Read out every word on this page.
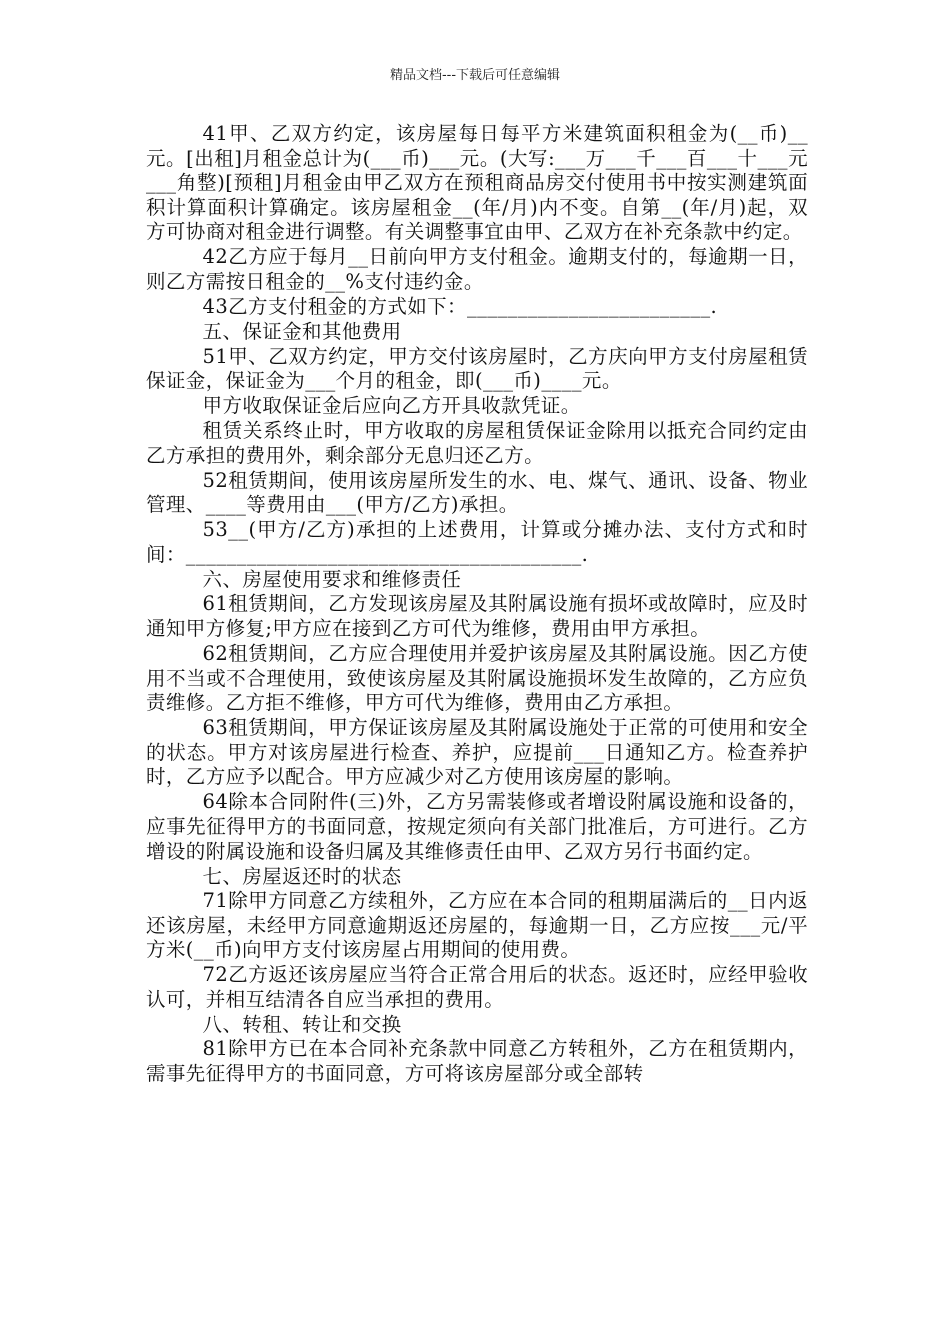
精品文档---下载后可任意编辑

41甲、乙双方约定，该房屋每日每平方米建筑面积租金为(__币)__元。[出租]月租金总计为(___币)___元。(大写:___万___千___百___十___元___角整)[预租]月租金由甲乙双方在预租商品房交付使用书中按实测建筑面积计算面积计算确定。该房屋租金__(年/月)内不变。自第__(年/月)起，双方可协商对租金进行调整。有关调整事宜由甲、乙双方在补充条款中约定。

42乙方应于每月__日前向甲方支付租金。逾期支付的，每逾期一日，则乙方需按日租金的__%支付违约金。

43乙方支付租金的方式如下：________________________.

五、保证金和其他费用

51甲、乙双方约定，甲方交付该房屋时，乙方庆向甲方支付房屋租赁保证金，保证金为___个月的租金，即(___币)____元。

甲方收取保证金后应向乙方开具收款凭证。

租赁关系终止时，甲方收取的房屋租赁保证金除用以抵充合同约定由乙方承担的费用外，剩余部分无息归还乙方。

52租赁期间，使用该房屋所发生的水、电、煤气、通讯、设备、物业管理、____等费用由___(甲方/乙方)承担。

53__(甲方/乙方)承担的上述费用，计算或分摊办法、支付方式和时间：_______________________________________.

六、房屋使用要求和维修责任

61租赁期间，乙方发现该房屋及其附属设施有损坏或故障时，应及时通知甲方修复;甲方应在接到乙方可代为维修，费用由甲方承担。

62租赁期间，乙方应合理使用并爱护该房屋及其附属设施。因乙方使用不当或不合理使用，致使该房屋及其附属设施损坏发生故障的，乙方应负责维修。乙方拒不维修，甲方可代为维修，费用由乙方承担。

63租赁期间，甲方保证该房屋及其附属设施处于正常的可使用和安全的状态。甲方对该房屋进行检查、养护，应提前___日通知乙方。检查养护时，乙方应予以配合。甲方应减少对乙方使用该房屋的影响。

64除本合同附件(三)外，乙方另需装修或者增设附属设施和设备的，应事先征得甲方的书面同意，按规定须向有关部门批准后，方可进行。乙方增设的附属设施和设备归属及其维修责任由甲、乙双方另行书面约定。

七、房屋返还时的状态

71除甲方同意乙方续租外，乙方应在本合同的租期届满后的__日内返还该房屋，未经甲方同意逾期返还房屋的，每逾期一日，乙方应按___元/平方米(__币)向甲方支付该房屋占用期间的使用费。

72乙方返还该房屋应当符合正常合用后的状态。返还时，应经甲验收认可，并相互结清各自应当承担的费用。

八、转租、转让和交换

81除甲方已在本合同补充条款中同意乙方转租外，乙方在租赁期内，需事先征得甲方的书面同意，方可将该房屋部分或全部转
